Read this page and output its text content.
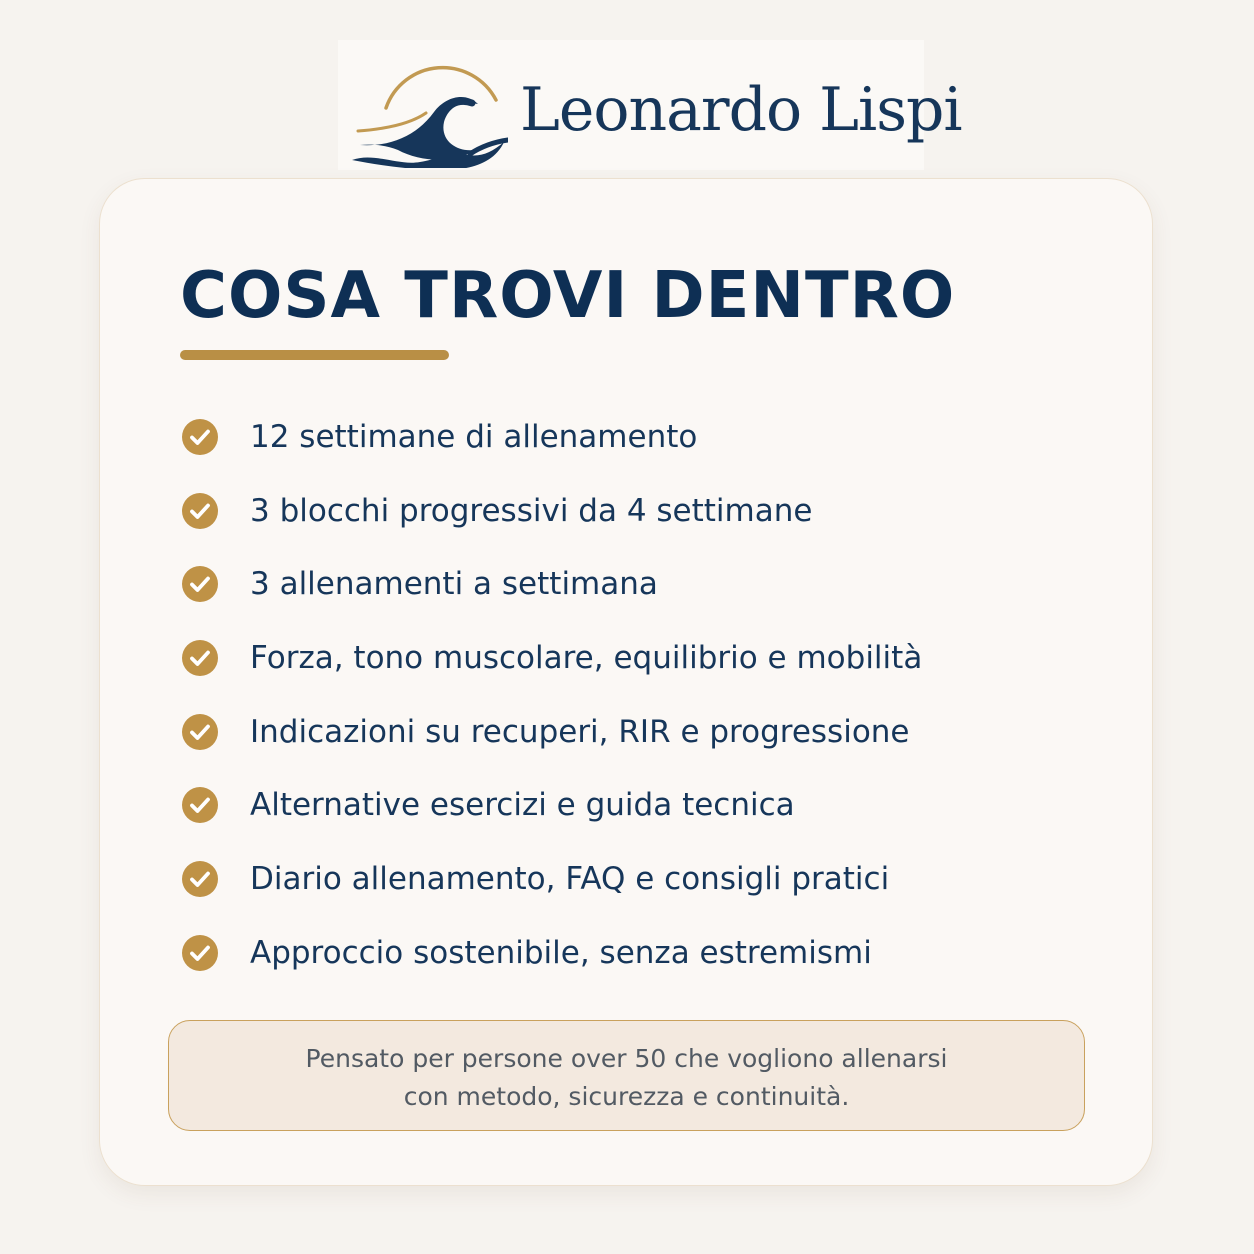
Leonardo Lispi
COSA TROVI DENTRO
12 settimane di allenamento
3 blocchi progressivi da 4 settimane
3 allenamenti a settimana
Forza, tono muscolare, equilibrio e mobilità
Indicazioni su recuperi, RIR e progressione
Alternative esercizi e guida tecnica
Diario allenamento, FAQ e consigli pratici
Approccio sostenibile, senza estremismi
Pensato per persone over 50 che vogliono allenarsi
con metodo, sicurezza e continuità.
